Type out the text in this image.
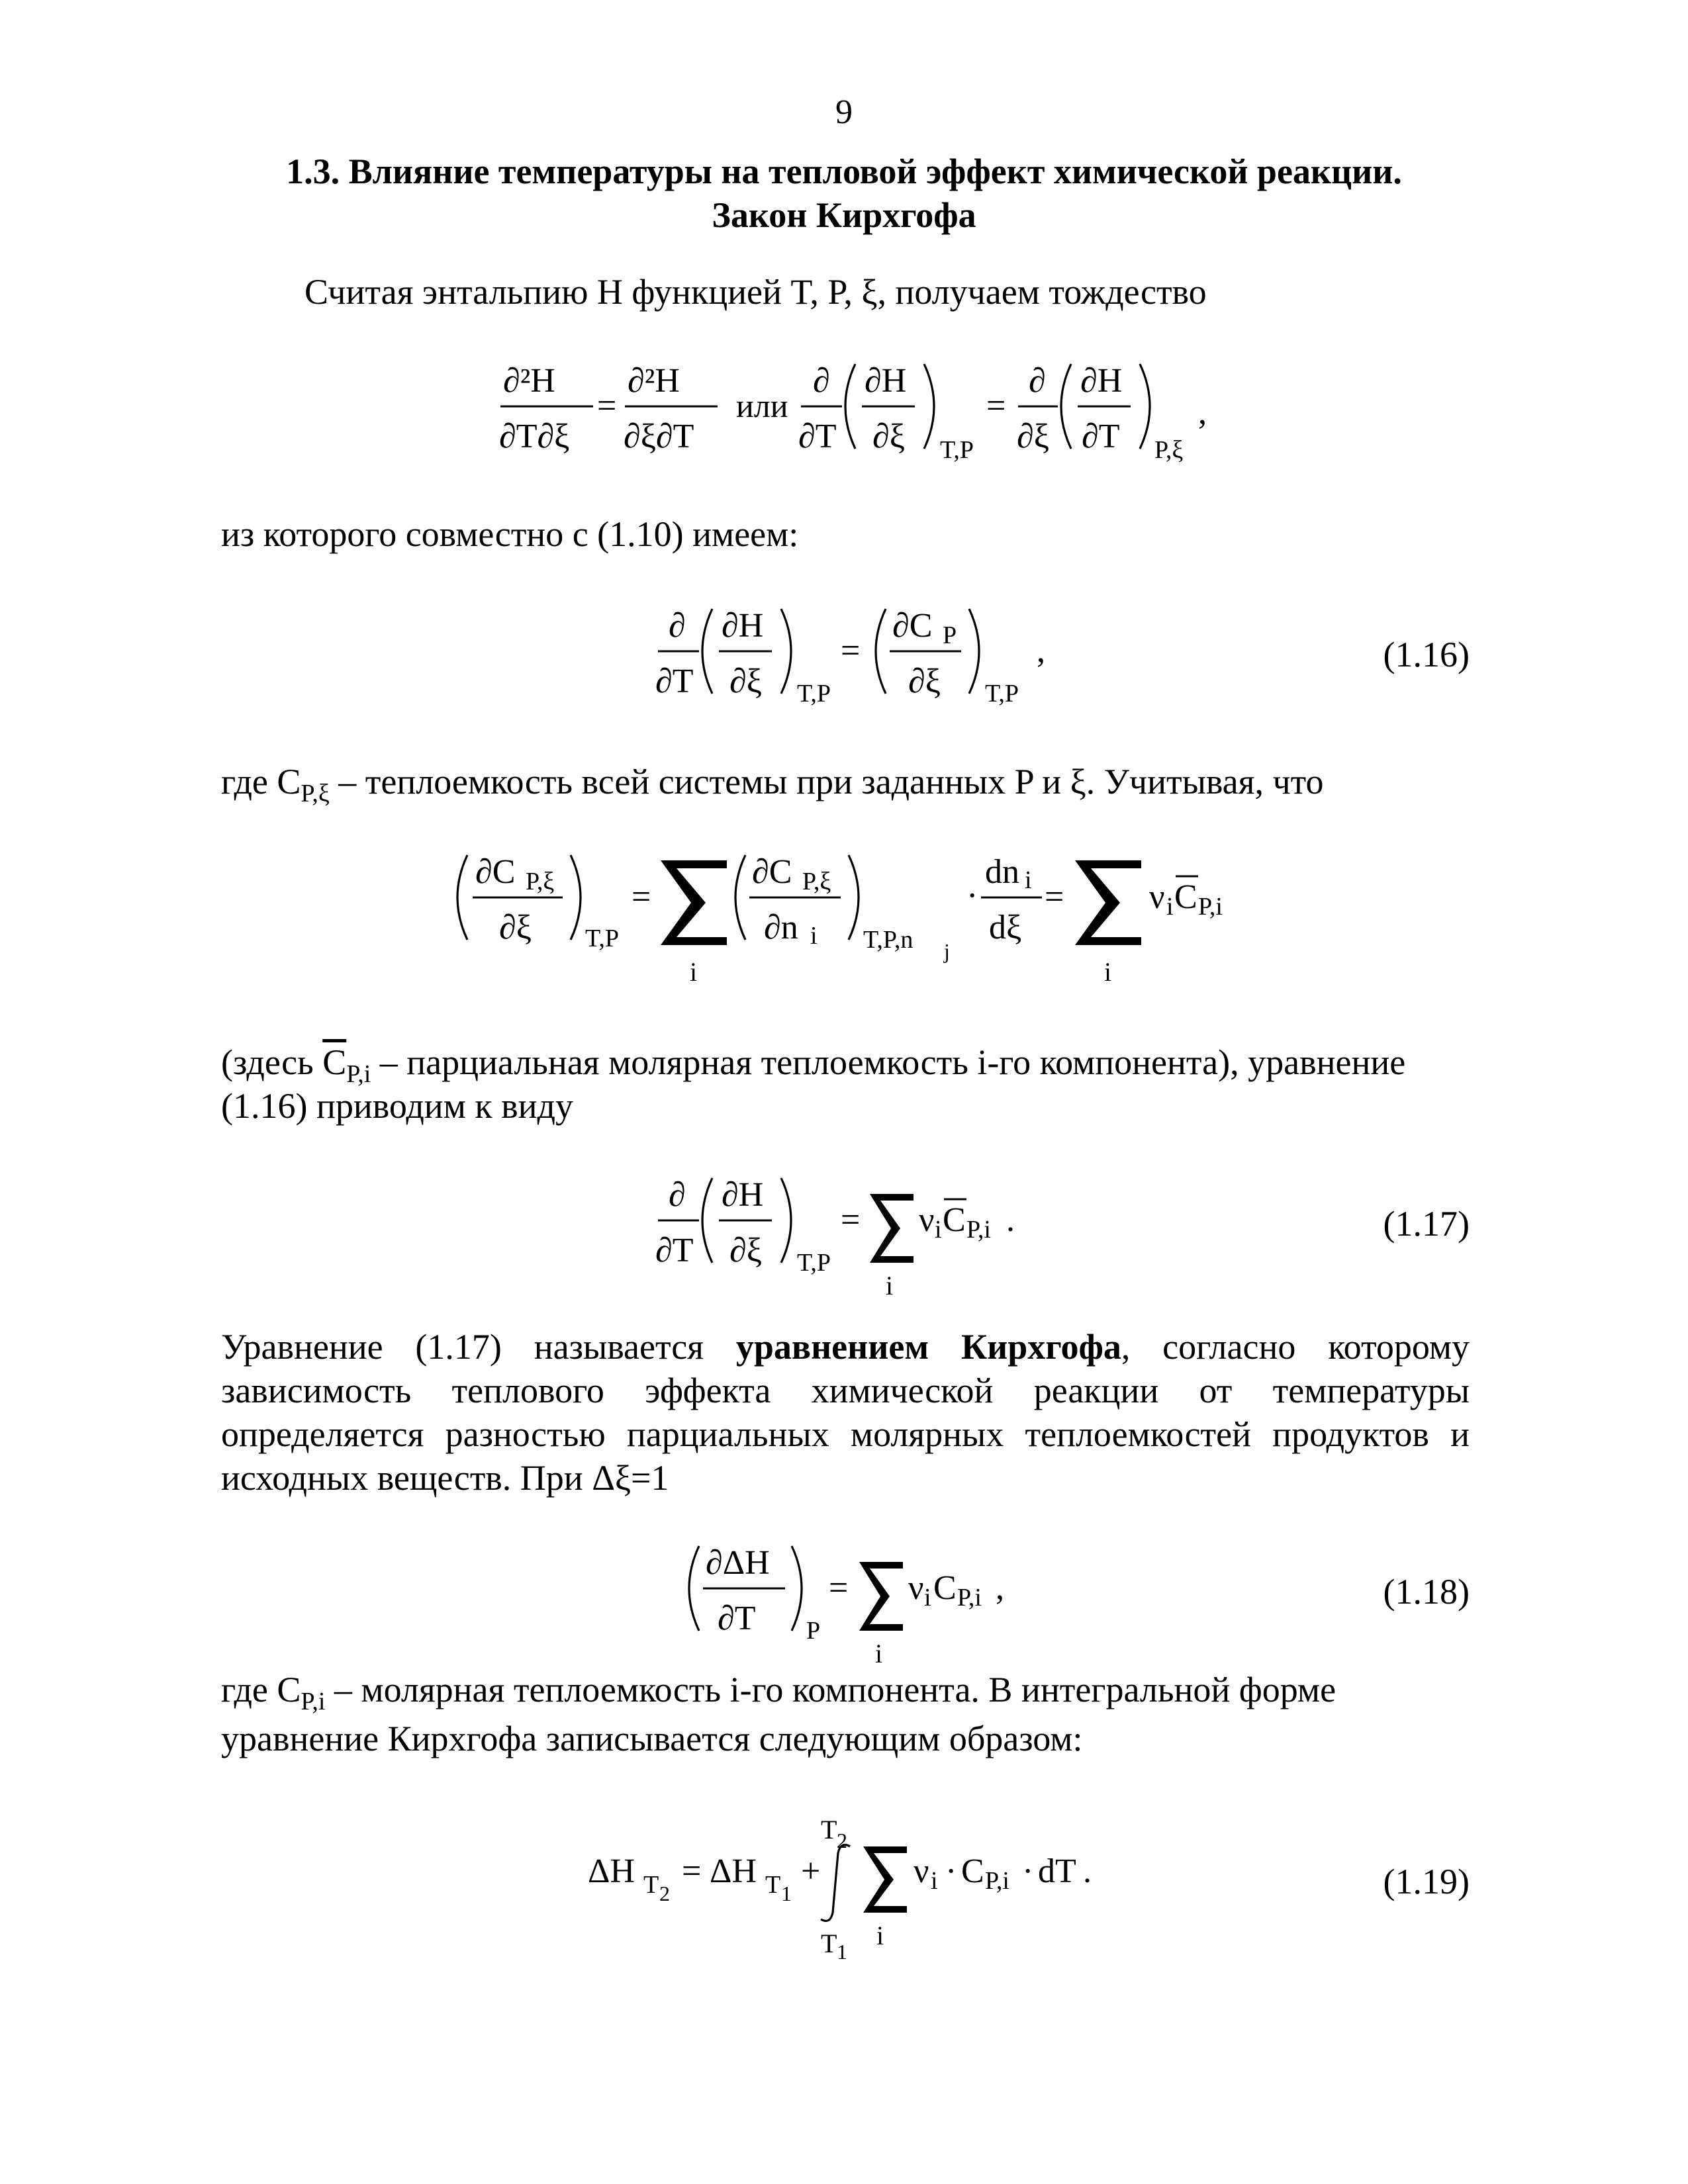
9
1.3. Влияние температуры на тепловой эффект химической реакции.
Закон Кирхгофа
Считая энтальпию H функцией T, P, ξ, получаем тождество
∂²H
∂T∂ξ
=
∂²H
∂ξ∂T
или
∂
∂T
∂H
∂ξ T,P
=
∂
∂ξ
∂H
∂T P,ξ
,
из которого совместно с (1.10) имеем:
∂
∂T
∂H
∂ξ T,P
=
∂C P
∂ξ T,P
,	(1.16)
где $C_{P,\xi}$ – теплоемкость всей системы при заданных P и ξ. Учитывая, что
∂C P,ξ
∂ξ T,P
=
i
∂C P,ξ
∂n i T,P,n j
·
dn i
dξ
=
i
ν i C P,i
(здесь $\overline{C}_{P,i}$ – парциальная молярная теплоемкость i-го компонента), уравнение
(1.16) приводим к виду
∂
∂T
∂H
∂ξ T,P
=
i
ν i C P,i .	(1.17)
Уравнение (1.17) называется уравнением Кирхгофа, согласно которому зависимость теплового эффекта химической реакции от температуры определяется разностью парциальных молярных теплоемкостей продуктов и исходных веществ. При Δξ=1
∂ΔH
∂T P
=
i
ν i C P,i ,	(1.18)
где $C_{P,i}$ – молярная теплоемкость i-го компонента. В интегральной форме
уравнение Кирхгофа записывается следующим образом:
ΔH T 2
= ΔH T 1
+
T 2
T 1
i
ν i · C P,i · dT .	(1.19)
